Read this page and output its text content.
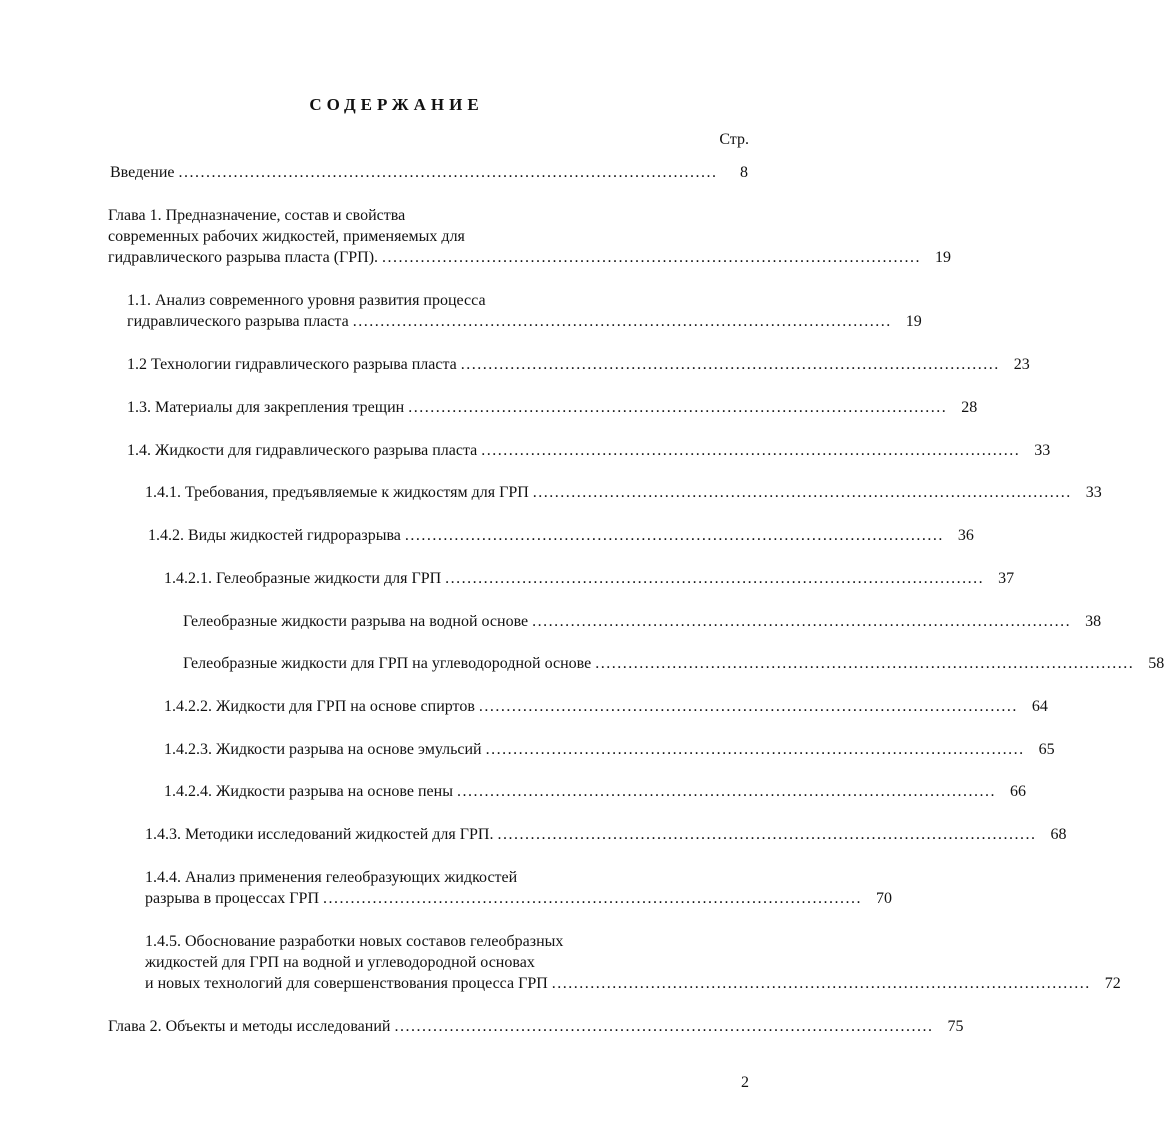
СОДЕРЖАНИЕ
Стр.
Введение ..................................................................................................	8
Глава 1. Предназначение, состав и свойства
современных рабочих жидкостей, применяемых для
гидравлического разрыва пласта (ГРП). .................................................................................................. 19
1.1. Анализ современного уровня развития процесса
гидравлического разрыва пласта .................................................................................................. 19
1.2 Технологии гидравлического разрыва пласта .................................................................................................. 23
1.3. Материалы для закрепления трещин .................................................................................................. 28
1.4. Жидкости для гидравлического разрыва пласта .................................................................................................. 33
1.4.1. Требования, предъявляемые к жидкостям для ГРП .................................................................................................. 33
1.4.2. Виды жидкостей гидроразрыва .................................................................................................. 36
1.4.2.1. Гелеобразные жидкости для ГРП .................................................................................................. 37
Гелеобразные жидкости разрыва на водной основе .................................................................................................. 38
Гелеобразные жидкости для ГРП на углеводородной основе .................................................................................................. 58
1.4.2.2. Жидкости для ГРП на основе спиртов .................................................................................................. 64
1.4.2.3. Жидкости разрыва на основе эмульсий .................................................................................................. 65
1.4.2.4. Жидкости разрыва на основе пены .................................................................................................. 66
1.4.3. Методики исследований жидкостей для ГРП. .................................................................................................. 68
1.4.4. Анализ применения гелеобразующих жидкостей
разрыва в процессах ГРП .................................................................................................. 70
1.4.5. Обоснование разработки новых составов гелеобразных
жидкостей для ГРП на водной и углеводородной основах
и новых технологий для совершенствования процесса ГРП .................................................................................................. 72
Глава 2. Объекты и методы исследований .................................................................................................. 75
2
